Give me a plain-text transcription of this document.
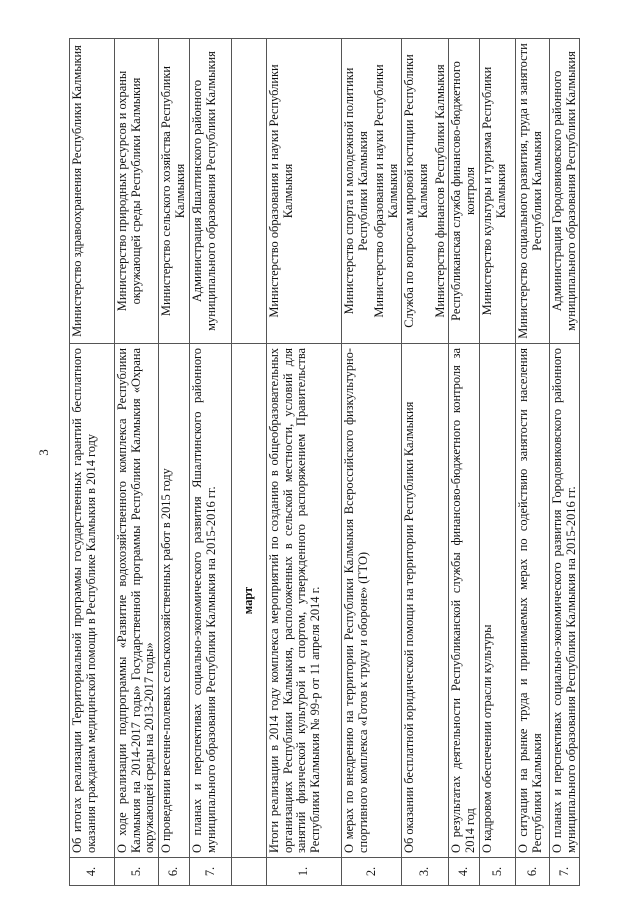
3
4.	Об итогах реализации Территориальной программы государственных гарантий бесплатного оказания гражданам медицинской помощи в Республике Калмыкия в 2014 году	Министерство здравоохранения Республики Калмыкия

5.	О ходе реализации подпрограммы «Развитие водохозяйственного комплекса Республики Калмыкия на 2014-2017 годы» Государственной программы Республики Калмыкия «Охрана окружающей среды на 2013-2017 годы»	Министерство природных ресурсов и охраны окружающей среды Республики Калмыкия

6.	О проведении весенне-полевых сельскохозяйственных работ в 2015 году	Министерство сельского хозяйства Республики Калмыкия

7.	О планах и перспективах социально-экономического развития Яшалтинского районного муниципального образования Республики Калмыкия на 2015-2016 гг.	Администрация Яшалтинского районного муниципального образования Республики Калмыкия

	март	
1.	Итоги реализации в 2014 году комплекса мероприятий по созданию в общеобразовательных организациях Республики Калмыкия, расположенных в сельской местности, условий для занятий физической культурой и спортом, утвержденного распоряжением Правительства Республики Калмыкия № 99-р от 11 апреля 2014 г.	Министерство образования и науки Республики Калмыкия

2.	О мерах по внедрению на территории Республики Калмыкия Всероссийского физкультурно-спортивного комплекса «Готов к труду и обороне» (ГТО)	Министерство спорта и молодежной политики Республики Калмыкия Министерство образования и науки Республики Калмыкия

3.	Об оказании бесплатной юридической помощи на территории Республики Калмыкия	Служба по вопросам мировой юстиции Республики Калмыкия Министерство финансов Республики Калмыкия

4.	О результатах деятельности Республиканской службы финансово-бюджетного контроля за 2014 год	Республиканская служба финансово-бюджетного контроля

5.	О кадровом обеспечении отрасли культуры	Министерство культуры и туризма Республики Калмыкия

6.	О ситуации на рынке труда и принимаемых мерах по содействию занятости населения Республики Калмыкия	Министерство социального развития, труда и занятости Республики Калмыкия

7.	О планах и перспективах социально-экономического развития Городовиковского районного муниципального образования Республики Калмыкия на 2015-2016 гг.	Администрация Городовиковского районного муниципального образования Республики Калмыкия
